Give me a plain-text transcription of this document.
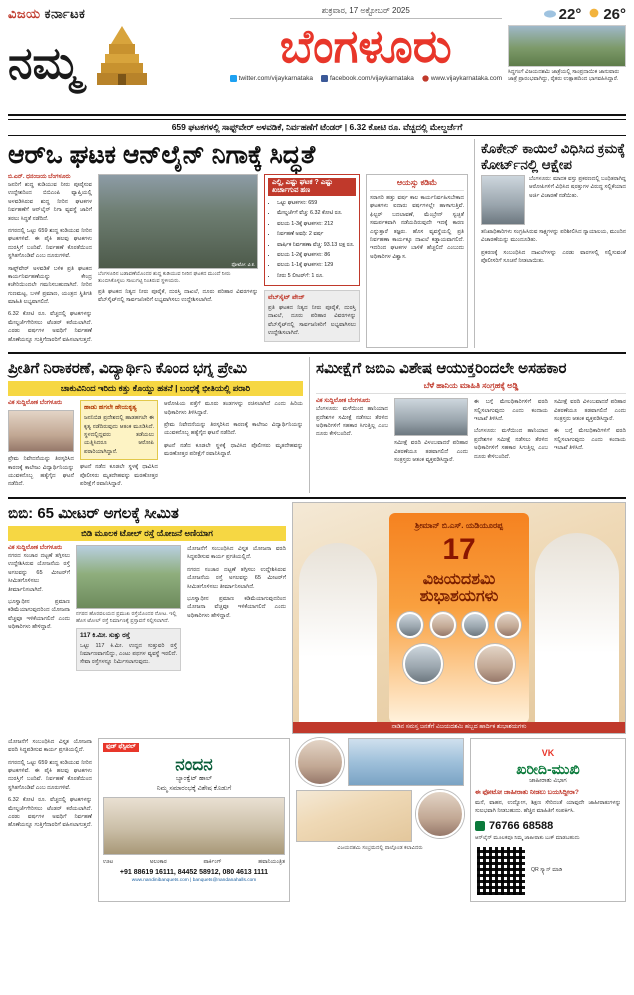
ವಿಜಯ ಕರ್ನಾಟಕ
ನಮ್ಮ
ಶುಕ್ರವಾರ, 17 ಅಕ್ಟೋಬರ್ 2025
ಬೆಂಗಳೂರು
twitter.com/vijaykarnataka	facebook.com/vijaykarnataka	www.vijaykarnataka.com
22°	26°
ಸಿದ್ಧಗಂಗೆ ವಿಜಯದಶಮಿ ಜಾತ್ರೆಯಲ್ಲಿ ಸಾಂಪ್ರದಾಯಿಕ ಜಾನುವಾರು ಜಾತ್ರೆ ಪ್ರಾರಂಭವಾಗಿದ್ದು, ರೈತರು ಉತ್ಸಾಹದಿಂದ ಭಾಗವಹಿಸಿದ್ದಾರೆ.
659 ಘಟಕಗಳಲ್ಲಿ ಸಾಫ್ಟ್‌ವೇರ್ ಅಳವಡಿಕೆ, ನಿರ್ವಹಣೆಗೆ ಟೆಂಡರ್ | 6.32 ಕೋಟಿ ರೂ. ವೆಚ್ಚದಲ್ಲಿ ಮೇಲ್ದರ್ಜೆಗೆ
ಆರ್‌ಒ ಘಟಕ ಆನ್‌ಲೈನ್ ನಿಗಾಕ್ಕೆ ಸಿದ್ಧತೆ
ಬಿ.ಎನ್. ಧನಂಜಯ ಬೆಂಗಳೂರು

ಜನರಿಗೆ ಶುದ್ಧ ಕುಡಿಯುವ ನೀರು ಪೂರೈಸುವ ಉದ್ದೇಶದಿಂದ ಬಿಬಿಎಂಪಿ ವ್ಯಾಪ್ತಿಯಲ್ಲಿ ಅಳವಡಿಸಿರುವ ಶುದ್ಧ ನೀರಿನ ಘಟಕಗಳ ನಿರ್ವಹಣೆಗೆ ಆನ್‌ಲೈನ್ ನಿಗಾ ವ್ಯವಸ್ಥೆ ಜಾರಿಗೆ ತರಲು ಸಿದ್ಧತೆ ನಡೆದಿದೆ.

ನಗರದಲ್ಲಿ ಒಟ್ಟು 659 ಶುದ್ಧ ಕುಡಿಯುವ ನೀರಿನ ಘಟಕಗಳಿವೆ. ಈ ಪೈಕಿ ಹಲವು ಘಟಕಗಳು ದುರಸ್ತಿಗೆ ಬಂದಿವೆ. ನಿರ್ವಹಣೆ ಕೊರತೆಯಿಂದ ಸ್ಥಗಿತಗೊಂಡಿವೆ ಎಂಬ ದೂರುಗಳಿವೆ.

ಸಾಫ್ಟ್‌ವೇರ್ ಅಳವಡಿಕೆ ಬಳಿಕ ಪ್ರತಿ ಘಟಕದ ಕಾರ್ಯನಿರ್ವಹಣೆಯನ್ನು ಕೇಂದ್ರ ಕಚೇರಿಯಿಂದಲೇ ಗಮನಿಸಬಹುದಾಗಿದೆ. ನೀರಿನ ಗುಣಮಟ್ಟ, ಬಳಕೆ ಪ್ರಮಾಣ, ಯಂತ್ರದ ಸ್ಥಿತಿಗತಿ ಮಾಹಿತಿ ಲಭ್ಯವಾಗಲಿದೆ.

6.32 ಕೋಟಿ ರೂ. ವೆಚ್ಚದಲ್ಲಿ ಘಟಕಗಳನ್ನು ಮೇಲ್ದರ್ಜೆಗೇರಿಸಲು ಟೆಂಡರ್ ಕರೆಯಲಾಗಿದೆ. ಎರಡು ವರ್ಷಗಳ ಅವಧಿಗೆ ನಿರ್ವಹಣೆ ಹೊಣೆಯನ್ನೂ ಗುತ್ತಿಗೆದಾರರಿಗೆ ವಹಿಸಲಾಗುತ್ತದೆ.

ಫೋಟೋ: ವಿ.ಕ.
ಬೆಂಗಳೂರಿನ ಬಡಾವಣೆಯೊಂದರ ಶುದ್ಧ ಕುಡಿಯುವ ನೀರಿನ ಘಟಕದ ಮುಂದೆ ನೀರು ತುಂಬಿಸಿಕೊಳ್ಳಲು ಸಾಲುಗಟ್ಟಿ ನಿಂತಿರುವ ಸ್ಥಳೀಯರು.

ಪ್ರತಿ ಘಟಕದ ನಿತ್ಯದ ನೀರು ಪೂರೈಕೆ, ದುರಸ್ತಿ ದಾಖಲೆ, ದೂರು ಪರಿಹಾರ ವಿವರಗಳನ್ನು ವೆಬ್‌ಸೈಟ್‌ನಲ್ಲಿ ಸಾರ್ವಜನಿಕರಿಗೆ ಲಭ್ಯವಾಗಿಸಲು ಉದ್ದೇಶಿಸಲಾಗಿದೆ.

ಎಲ್ಲಿ, ಎಷ್ಟು ಘಟಕ ? ಎಷ್ಟು ಖರ್ಚಾಗುವ ಹಣ
• ಒಟ್ಟು ಘಟಕಗಳು: 659
• ಮೇಲ್ದರ್ಜೆಗೆ ವೆಚ್ಚ: 6.32 ಕೋಟಿ ರೂ.
• ವಲಯ 1-3ಕ್ಕೆ ಘಟಕಗಳು: 212
• ನಿರ್ವಹಣೆ ಅವಧಿ: 2 ವರ್ಷ
• ವಾರ್ಷಿಕ ನಿರ್ವಹಣಾ ವೆಚ್ಚ: 93.13 ಲಕ್ಷ ರೂ.
• ವಲಯ 1-2ಕ್ಕೆ ಘಟಕಗಳು: 86
• ವಲಯ 1-1ಕ್ಕೆ ಘಟಕಗಳು: 129
• ನೀರು 5 ಲೀಟರ್‌ಗೆ: 1 ರೂ.
ವೆಬ್‌ಸೈಟ್ ಪೇಜ್
ಪ್ರತಿ ಘಟಕದ ನಿತ್ಯದ ನೀರು ಪೂರೈಕೆ, ದುರಸ್ತಿ ದಾಖಲೆ, ದೂರು ಪರಿಹಾರ ವಿವರಗಳನ್ನು ವೆಬ್‌ಸೈಟ್‌ನಲ್ಲಿ ಸಾರ್ವಜನಿಕರಿಗೆ ಲಭ್ಯವಾಗಿಸಲು ಉದ್ದೇಶಿಸಲಾಗಿದೆ.
ಆಯಸ್ಸು ಕಡಿಮೆ
ಸರಾಸರಿ ಹತ್ತು ವರ್ಷ ಕಾಲ ಕಾರ್ಯನಿರ್ವಹಿಸಬೇಕಾದ ಘಟಕಗಳು ಐದಾರು ವರ್ಷಗಳಲ್ಲೇ ಹಾಳಾಗುತ್ತಿವೆ. ಫಿಲ್ಟರ್ ಬದಲಾವಣೆ, ಮೆಂಬ್ರೇನ್ ಸ್ವಚ್ಛತೆ ಸಮರ್ಪಕವಾಗಿ ನಡೆಯದಿರುವುದೇ ಇದಕ್ಕೆ ಕಾರಣ ಎನ್ನುತ್ತಾರೆ ತಜ್ಞರು. ಹೊಸ ವ್ಯವಸ್ಥೆಯಲ್ಲಿ ಪ್ರತಿ ನಿರ್ವಹಣಾ ಕಾರ್ಯಕ್ಕೂ ದಾಖಲೆ ಕಡ್ಡಾಯವಾಗಲಿದೆ. ಇದರಿಂದ ಘಟಕಗಳ ಬಾಳಿಕೆ ಹೆಚ್ಚಲಿದೆ ಎಂಬುದು ಅಧಿಕಾರಿಗಳ ವಿಶ್ವಾಸ.
ಕೊಕೇನ್ ಕಾಯಿಲೆ ವಿಧಿಸಿದ ಕ್ರಮಕ್ಕೆ ಕೋರ್ಟ್‌ನಲ್ಲಿ ಆಕ್ಷೇಪ

ಬೆಂಗಳೂರು: ಮಾದಕ ವಸ್ತು ಪ್ರಕರಣದಲ್ಲಿ ಬಂಧಿತರಾಗಿದ್ದ ಆರೋಪಿಗಳಿಗೆ ವಿಧಿಸಿದ ಷರತ್ತುಗಳ ವಿರುದ್ಧ ಸಲ್ಲಿಕೆಯಾದ ಅರ್ಜಿ ವಿಚಾರಣೆ ನಡೆಯಿತು.

ತನಿಖಾಧಿಕಾರಿಗಳು ಸಂಗ್ರಹಿಸಿರುವ ಸಾಕ್ಷ್ಯಗಳನ್ನು ಪರಿಶೀಲಿಸಿದ ನ್ಯಾಯಾಲಯ, ಮುಂದಿನ ವಿಚಾರಣೆಯನ್ನು ಮುಂದೂಡಿತು.

ಪ್ರಕರಣಕ್ಕೆ ಸಂಬಂಧಿಸಿದ ದಾಖಲೆಗಳನ್ನು ಎರಡು ವಾರಗಳಲ್ಲಿ ಸಲ್ಲಿಸುವಂತೆ ಪೊಲೀಸರಿಗೆ ಸೂಚನೆ ನೀಡಲಾಯಿತು.

ಪ್ರೀತಿಗೆ ನಿರಾಕರಣೆ, ವಿದ್ಯಾರ್ಥಿನಿ ಕೊಂದ ಭಗ್ನ ಪ್ರೇಮಿ
ಚಾಕುವಿನಿಂದ ಇರಿದು ಕತ್ತು ಕೊಯ್ದು ಹತನೆ | ಬಂಧಕ್ಕೆ ಭೀತಿಯಲ್ಲಿ ಪರಾರಿ
ವಿಕ ಸುದ್ದಿಲೋಕ ಬೆಂಗಳೂರು

ಪ್ರೇಮ ನಿವೇದನೆಯನ್ನು ತಿರಸ್ಕರಿಸಿದ ಕಾರಣಕ್ಕೆ ಕಾಲೇಜು ವಿದ್ಯಾರ್ಥಿನಿಯನ್ನು ಯುವಕನೊಬ್ಬ ಹತ್ಯೆಗೈದ ಘಟನೆ ನಡೆದಿದೆ.

ಹಾಡು ಹಗಲೇ ಹೇಯಕೃತ್ಯ
ಜನನಿಬಿಡ ಪ್ರದೇಶದಲ್ಲಿ ಹಾಡಹಗಲೇ ಈ ಕೃತ್ಯ ನಡೆದಿರುವುದು ಆತಂಕ ಮೂಡಿಸಿದೆ. ಸ್ಥಳದಲ್ಲಿದ್ದವರು ತಡೆಯಲು ಯತ್ನಿಸಿದರೂ ಆರೋಪಿ ಪರಾರಿಯಾಗಿದ್ದಾನೆ.

ಘಟನೆ ನಡೆದ ಕೂಡಲೇ ಸ್ಥಳಕ್ಕೆ ಧಾವಿಸಿದ ಪೊಲೀಸರು ಮೃತದೇಹವನ್ನು ಮರಣೋತ್ತರ ಪರೀಕ್ಷೆಗೆ ರವಾನಿಸಿದ್ದಾರೆ.

ಆರೋಪಿಯ ಪತ್ತೆಗೆ ಮೂರು ತಂಡಗಳನ್ನು ರಚಿಸಲಾಗಿದೆ ಎಂದು ಹಿರಿಯ ಅಧಿಕಾರಿಗಳು ತಿಳಿಸಿದ್ದಾರೆ.

ಪ್ರೇಮ ನಿವೇದನೆಯನ್ನು ತಿರಸ್ಕರಿಸಿದ ಕಾರಣಕ್ಕೆ ಕಾಲೇಜು ವಿದ್ಯಾರ್ಥಿನಿಯನ್ನು ಯುವಕನೊಬ್ಬ ಹತ್ಯೆಗೈದ ಘಟನೆ ನಡೆದಿದೆ.

ಘಟನೆ ನಡೆದ ಕೂಡಲೇ ಸ್ಥಳಕ್ಕೆ ಧಾವಿಸಿದ ಪೊಲೀಸರು ಮೃತದೇಹವನ್ನು ಮರಣೋತ್ತರ ಪರೀಕ್ಷೆಗೆ ರವಾನಿಸಿದ್ದಾರೆ.

ಸಮೀಕ್ಷೆಗೆ ಜಬಿಎ ವಿಶೇಷ ಆಯುಕ್ತರಿಂದಲೇ ಅಸಹಕಾರ
ಬೆಳೆ ಹಾನಿಯ ಮಾಹಿತಿ ಸಂಗ್ರಹಕ್ಕೆ ಅಡ್ಡಿ
ವಿಕ ಸುದ್ದಿಲೋಕ ಬೆಂಗಳೂರು

ಬೆಂಗಳೂರು: ಮಳೆಯಿಂದ ಹಾನಿಯಾದ ಪ್ರದೇಶಗಳ ಸಮೀಕ್ಷೆ ನಡೆಸಲು ತೆರಳಿದ ಅಧಿಕಾರಿಗಳಿಗೆ ಸಹಕಾರ ಸಿಗುತ್ತಿಲ್ಲ ಎಂಬ ದೂರು ಕೇಳಿಬಂದಿದೆ.

ಸಮೀಕ್ಷೆ ವರದಿ ವಿಳಂಬವಾದರೆ ಪರಿಹಾರ ವಿತರಣೆಯೂ ತಡವಾಗಲಿದೆ ಎಂದು ಸಂತ್ರಸ್ತರು ಆತಂಕ ವ್ಯಕ್ತಪಡಿಸಿದ್ದಾರೆ.

ಈ ಬಗ್ಗೆ ಮೇಲಧಿಕಾರಿಗಳಿಗೆ ವರದಿ ಸಲ್ಲಿಸಲಾಗುವುದು ಎಂದು ಕಂದಾಯ ಇಲಾಖೆ ತಿಳಿಸಿದೆ.

ಬೆಂಗಳೂರು: ಮಳೆಯಿಂದ ಹಾನಿಯಾದ ಪ್ರದೇಶಗಳ ಸಮೀಕ್ಷೆ ನಡೆಸಲು ತೆರಳಿದ ಅಧಿಕಾರಿಗಳಿಗೆ ಸಹಕಾರ ಸಿಗುತ್ತಿಲ್ಲ ಎಂಬ ದೂರು ಕೇಳಿಬಂದಿದೆ.

ಸಮೀಕ್ಷೆ ವರದಿ ವಿಳಂಬವಾದರೆ ಪರಿಹಾರ ವಿತರಣೆಯೂ ತಡವಾಗಲಿದೆ ಎಂದು ಸಂತ್ರಸ್ತರು ಆತಂಕ ವ್ಯಕ್ತಪಡಿಸಿದ್ದಾರೆ.

ಈ ಬಗ್ಗೆ ಮೇಲಧಿಕಾರಿಗಳಿಗೆ ವರದಿ ಸಲ್ಲಿಸಲಾಗುವುದು ಎಂದು ಕಂದಾಯ ಇಲಾಖೆ ತಿಳಿಸಿದೆ.

ಬಿಬಿ: 65 ಮೀಟರ್ ಅಗಲಕ್ಕೆ ಸೀಮಿತ
ಬಿಡಿ ಮೂಲಕ ಟೋಲ್ ರಸ್ತೆ ಯೋಜನೆ ಅಣಿಯಾಗ
ವಿಕ ಸುದ್ದಿಲೋಕ ಬೆಂಗಳೂರು

ನಗರದ ಸಂಚಾರ ದಟ್ಟಣೆ ತಗ್ಗಿಸಲು ಉದ್ದೇಶಿಸಿರುವ ಯೋಜನೆಯ ರಸ್ತೆ ಅಗಲವನ್ನು 65 ಮೀಟರ್‌ಗೆ ಸೀಮಿತಗೊಳಿಸಲು ತೀರ್ಮಾನಿಸಲಾಗಿದೆ.

ಭೂಸ್ವಾಧೀನ ಪ್ರಮಾಣ ಕಡಿಮೆಯಾಗುವುದರಿಂದ ಯೋಜನಾ ವೆಚ್ಚವೂ ಇಳಿಕೆಯಾಗಲಿದೆ ಎಂದು ಅಧಿಕಾರಿಗಳು ಹೇಳಿದ್ದಾರೆ.

ನಗರದ ಹೊರವಲಯದ ಪ್ರಮುಖ ರಸ್ತೆಯೊಂದರ ನೋಟ. ಇಲ್ಲಿ ಹೊಸ ಟೋಲ್ ರಸ್ತೆ ನಿರ್ಮಾಣಕ್ಕೆ ಪ್ರಸ್ತಾವನೆ ಸಲ್ಲಿಸಲಾಗಿದೆ.
117 ಕಿ.ಮೀ. ಸುತ್ತು ರಸ್ತೆ
ಒಟ್ಟು 117 ಕಿ.ಮೀ. ಉದ್ದದ ಸುತ್ತುವರಿ ರಸ್ತೆ ನಿರ್ಮಾಣವಾಗಲಿದ್ದು, ಎಂಟು ಪಥಗಳ ವ್ಯವಸ್ಥೆ ಇರಲಿದೆ. ಸೇವಾ ರಸ್ತೆಗಳನ್ನೂ ನಿರ್ಮಿಸಲಾಗುವುದು.

ಯೋಜನೆಗೆ ಸಂಬಂಧಿಸಿದ ವಿಸ್ತೃತ ಯೋಜನಾ ವರದಿ ಸಿದ್ಧಪಡಿಸುವ ಕಾರ್ಯ ಪ್ರಗತಿಯಲ್ಲಿದೆ.

ನಗರದ ಸಂಚಾರ ದಟ್ಟಣೆ ತಗ್ಗಿಸಲು ಉದ್ದೇಶಿಸಿರುವ ಯೋಜನೆಯ ರಸ್ತೆ ಅಗಲವನ್ನು 65 ಮೀಟರ್‌ಗೆ ಸೀಮಿತಗೊಳಿಸಲು ತೀರ್ಮಾನಿಸಲಾಗಿದೆ.

ಭೂಸ್ವಾಧೀನ ಪ್ರಮಾಣ ಕಡಿಮೆಯಾಗುವುದರಿಂದ ಯೋಜನಾ ವೆಚ್ಚವೂ ಇಳಿಕೆಯಾಗಲಿದೆ ಎಂದು ಅಧಿಕಾರಿಗಳು ಹೇಳಿದ್ದಾರೆ.

ಶ್ರೀಮಾನ್ ಬಿ.ಎಸ್. ಯಡಿಯೂರಪ್ಪ
17
ವಿಜಯದಶಮಿ ಶುಭಾಶಯಗಳು
ನಾಡಿನ ಸಮಸ್ತ ಜನತೆಗೆ ವಿಜಯದಶಮಿ ಹಬ್ಬದ ಹಾರ್ದಿಕ ಶುಭಾಶಯಗಳು

ಯೋಜನೆಗೆ ಸಂಬಂಧಿಸಿದ ವಿಸ್ತೃತ ಯೋಜನಾ ವರದಿ ಸಿದ್ಧಪಡಿಸುವ ಕಾರ್ಯ ಪ್ರಗತಿಯಲ್ಲಿದೆ.

ನಗರದಲ್ಲಿ ಒಟ್ಟು 659 ಶುದ್ಧ ಕುಡಿಯುವ ನೀರಿನ ಘಟಕಗಳಿವೆ. ಈ ಪೈಕಿ ಹಲವು ಘಟಕಗಳು ದುರಸ್ತಿಗೆ ಬಂದಿವೆ. ನಿರ್ವಹಣೆ ಕೊರತೆಯಿಂದ ಸ್ಥಗಿತಗೊಂಡಿವೆ ಎಂಬ ದೂರುಗಳಿವೆ.

6.32 ಕೋಟಿ ರೂ. ವೆಚ್ಚದಲ್ಲಿ ಘಟಕಗಳನ್ನು ಮೇಲ್ದರ್ಜೆಗೇರಿಸಲು ಟೆಂಡರ್ ಕರೆಯಲಾಗಿದೆ. ಎರಡು ವರ್ಷಗಳ ಅವಧಿಗೆ ನಿರ್ವಹಣೆ ಹೊಣೆಯನ್ನೂ ಗುತ್ತಿಗೆದಾರರಿಗೆ ವಹಿಸಲಾಗುತ್ತದೆ.

ಫುಡ್ ಫೆಸ್ಟಿವಲ್
ನಂದನ
ಬ್ಯಾಂಕ್ವೆಟ್ ಹಾಲ್
ನಿಮ್ಮ ಸಮಾರಂಭಕ್ಕೆ ವಿಶೇಷ ಕೊಡುಗೆ
ಊಟ	ಅಲಂಕಾರ	ಪಾರ್ಕಿಂಗ್	ಹವಾನಿಯಂತ್ರಿತ
+91 88619 16111, 84452 58912, 080 4613 1111
www.nandinibanquets.com | banquets@nandanahalls.com
ವಿಜಯದಶಮಿ ಸಂಭ್ರಮದಲ್ಲಿ ಪಾಲ್ಗೊಂಡ ಕಲಾವಿದರು
VK
ಖರೀದಿ-ಮುಖಿ
ಜಾಹೀರಾತು ವಿಭಾಗ
ಈ ಫೋಟೋ ಜಾಹೀರಾತು ನೀಡಲು ಬಯಸಿದ್ದೀರಾ?
ಮನೆ, ವಾಹನ, ಉದ್ಯೋಗ, ಶಿಕ್ಷಣ ಸೇರಿದಂತೆ ಯಾವುದೇ ಜಾಹೀರಾತುಗಳನ್ನು ಸುಲಭವಾಗಿ ನೀಡಬಹುದು. ಹೆಚ್ಚಿನ ಮಾಹಿತಿಗೆ ಸಂಪರ್ಕಿಸಿ.
76766 68588
ಆನ್‌ಲೈನ್ ಮೂಲಕವೂ ನಿಮ್ಮ ಜಾಹೀರಾತು ಬುಕ್ ಮಾಡಬಹುದು
QR ಸ್ಕ್ಯಾನ್ ಮಾಡಿ
